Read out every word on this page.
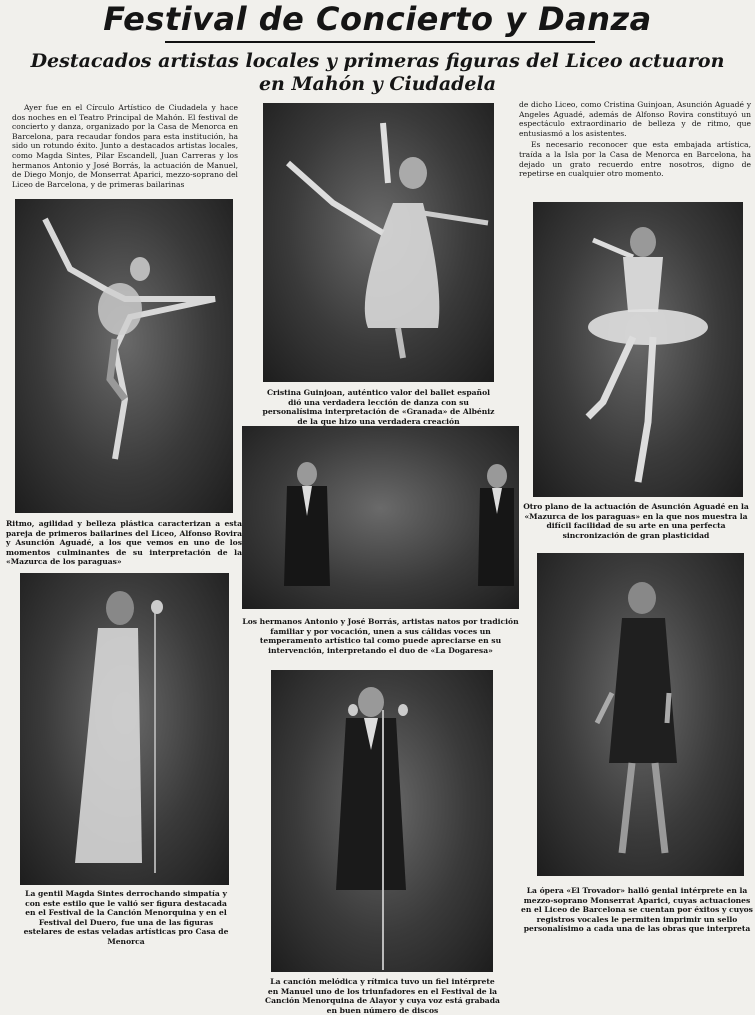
Festival de Concierto y Danza
Destacados artistas locales y primeras figuras del Liceo actuaron
en Mahón y Ciudadela

Ayer fue en el Círculo Artístico de Ciudadela y hace dos noches en el Teatro Principal de Mahón. El festival de concierto y danza, organizado por la Casa de Menorca en Barcelona, para recaudar fondos para esta institución, ha sido un rotundo éxito. Junto a destacados artistas locales, como Magda Sintes, Pilar Escandell, Juan Carreras y los hermanos Antonio y José Borrás, la actuación de Manuel, de Diego Monjo, de Monserrat Aparici, mezzo-soprano del Liceo de Barcelona, y de primeras bailarinas

de dicho Liceo, como Cristina Guinjoan, Asunción Aguadé y Angeles Aguadé, además de Alfonso Rovira constituyó un espectáculo extraordinario de belleza y de ritmo, que entusiasmó a los asistentes.

Es necesario reconocer que esta embajada artística, traída a la Isla por la Casa de Menorca en Barcelona, ha dejado un grato recuerdo entre nosotros, digno de repetirse en cualquier otro momento.

Ritmo, agilidad y belleza plástica caracterizan a esta pareja de primeros bailarines del Liceo, Alfonso Rovira y Asunción Aguadé, a los que vemos en uno de los momentos culminantes de su interpretación de la «Mazurca de los paraguas»

Cristina Guinjoan, auténtico valor del ballet español dió una verdadera lección de danza con su personalísima interpretación de «Granada» de Albéniz de la que hizo una verdadera creación

Otro plano de la actuación de Asunción Aguadé en la «Mazurca de los paraguas» en la que nos muestra la difícil facilidad de su arte en una perfecta sincronización de gran plasticidad

Los hermanos Antonio y José Borrás, artistas natos por tradición familiar y por vocación, unen a sus cálidas voces un temperamento artístico tal como puede apreciarse en su intervención, interpretando el duo de «La Dogaresa»

La gentil Magda Sintes derrochando simpatía y con este estilo que le valió ser figura destacada en el Festival de la Canción Menorquina y en el Festival del Duero, fue una de las figuras estelares de estas veladas artísticas pro Casa de Menorca

La canción melódica y rítmica tuvo un fiel intérprete en Manuel uno de los triunfadores en el Festival de la Canción Menorquina de Alayor y cuya voz está grabada en buen número de discos

La ópera «El Trovador» halló genial intérprete en la mezzo-soprano Monserrat Aparici, cuyas actuaciones en el Liceo de Barcelona se cuentan por éxitos y cuyos registros vocales le permiten imprimir un sello personalísimo a cada una de las obras que interpreta
